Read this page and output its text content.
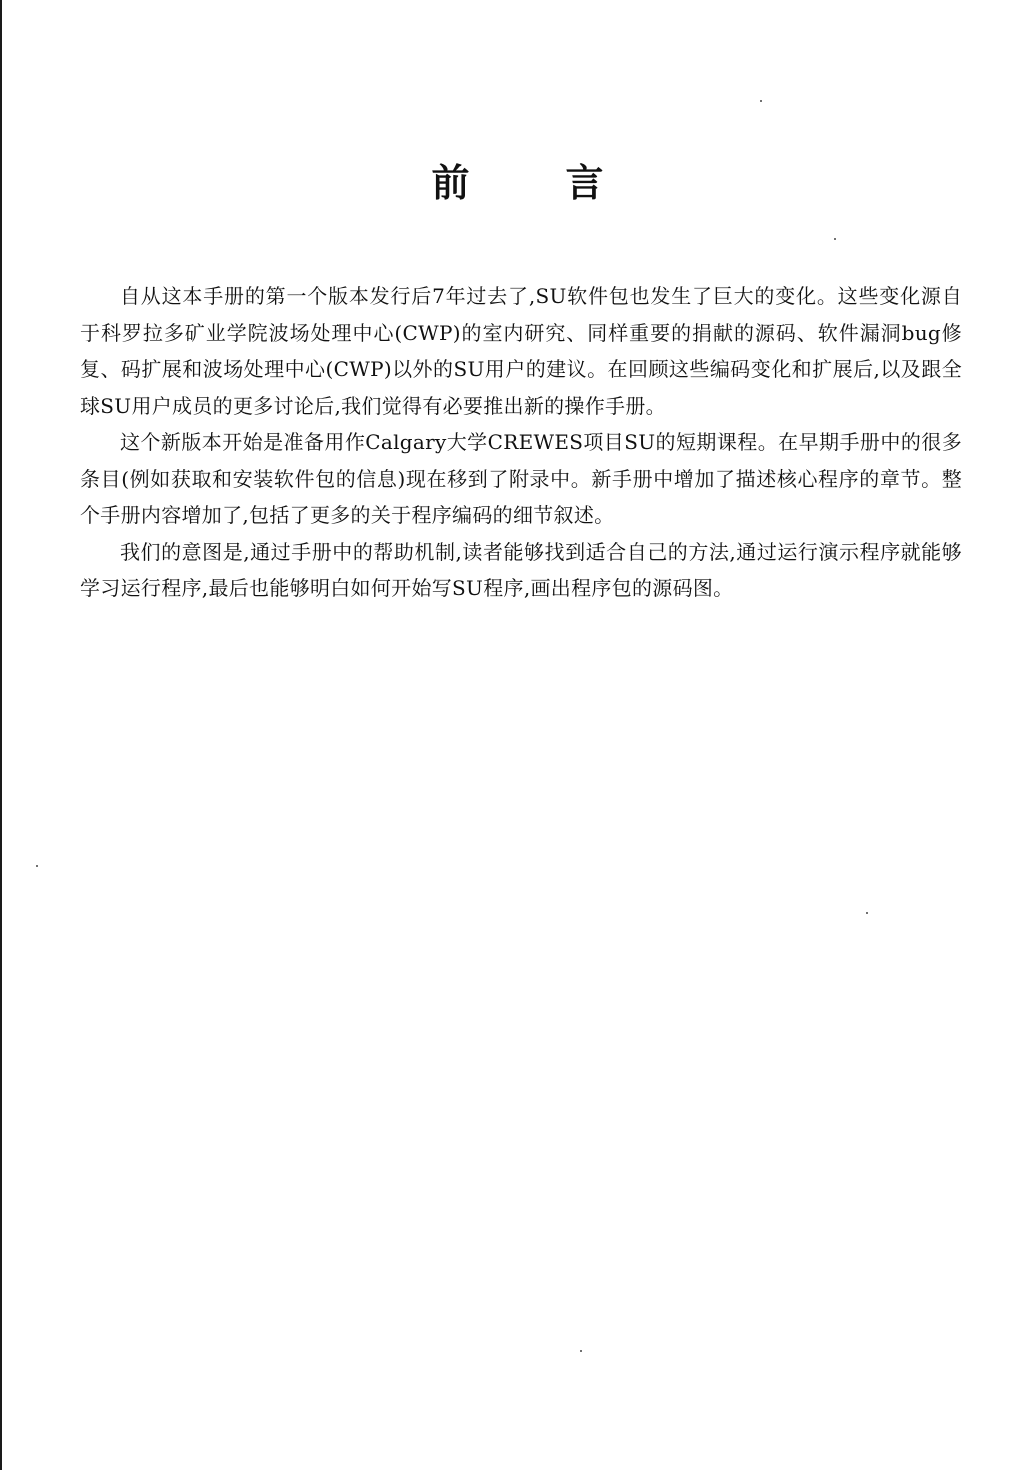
前	言

自从这本手册的第一个版本发行后7年过去了,SU软件包也发生了巨大的变化。这些变化源自于科罗拉多矿业学院波场处理中心(CWP)的室内研究、同样重要的捐献的源码、软件漏洞bug修复、码扩展和波场处理中心(CWP)以外的SU用户的建议。在回顾这些编码变化和扩展后,以及跟全球SU用户成员的更多讨论后,我们觉得有必要推出新的操作手册。

这个新版本开始是准备用作Calgary大学CREWES项目SU的短期课程。在早期手册中的很多条目(例如获取和安装软件包的信息)现在移到了附录中。新手册中增加了描述核心程序的章节。整个手册内容增加了,包括了更多的关于程序编码的细节叙述。

我们的意图是,通过手册中的帮助机制,读者能够找到适合自己的方法,通过运行演示程序就能够学习运行程序,最后也能够明白如何开始写SU程序,画出程序包的源码图。
